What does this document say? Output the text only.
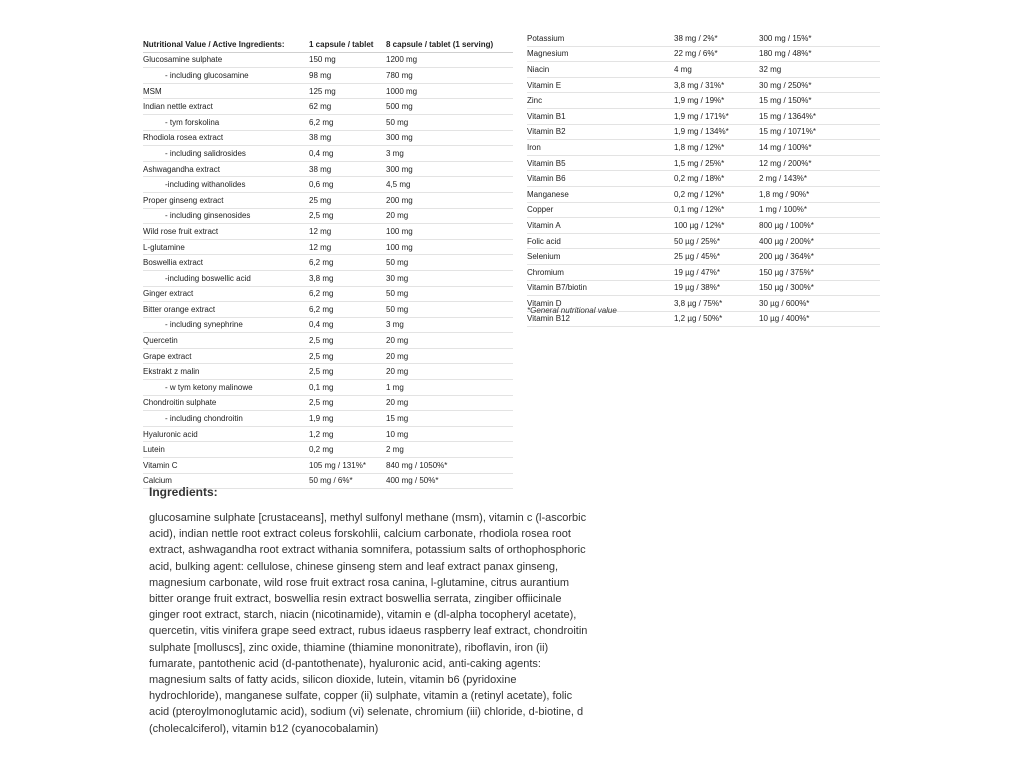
Nutritional Value / Active Ingredients:	1 capsule / tablet	8 capsule / tablet (1 serving)
Glucosamine sulphate	150 mg	1200 mg
- including glucosamine	98 mg	780 mg
MSM	125 mg	1000 mg
Indian nettle extract	62 mg	500 mg
- tym forskolina	6,2 mg	50 mg
Rhodiola rosea extract	38 mg	300 mg
- including salidrosides	0,4 mg	3 mg
Ashwagandha extract	38 mg	300 mg
-including withanolides	0,6 mg	4,5 mg
Proper ginseng extract	25 mg	200 mg
- including ginsenosides	2,5 mg	20 mg
Wild rose fruit extract	12 mg	100 mg
L-glutamine	12 mg	100 mg
Boswellia extract	6,2 mg	50 mg
-including boswellic acid	3,8 mg	30 mg
Ginger extract	6,2 mg	50 mg
Bitter orange extract	6,2 mg	50 mg
- including synephrine	0,4 mg	3 mg
Quercetin	2,5 mg	20 mg
Grape extract	2,5 mg	20 mg
Ekstrakt z malin	2,5 mg	20 mg
- w tym ketony malinowe	0,1 mg	1 mg
Chondroitin sulphate	2,5 mg	20 mg
- including chondroitin	1,9 mg	15 mg
Hyaluronic acid	1,2 mg	10 mg
Lutein	0,2 mg	2 mg
Vitamin C	105 mg / 131%*	840 mg / 1050%*
Calcium	50 mg / 6%*	400 mg / 50%*
Potassium	38 mg / 2%*	300 mg / 15%*
Magnesium	22 mg / 6%*	180 mg / 48%*
Niacin	4 mg	32 mg
Vitamin E	3,8 mg / 31%*	30 mg / 250%*
Zinc	1,9 mg / 19%*	15 mg / 150%*
Vitamin B1	1,9 mg / 171%*	15 mg / 1364%*
Vitamin B2	1,9 mg / 134%*	15 mg / 1071%*
Iron	1,8 mg / 12%*	14 mg / 100%*
Vitamin B5	1,5 mg / 25%*	12 mg / 200%*
Vitamin B6	0,2 mg / 18%*	2 mg / 143%*
Manganese	0,2 mg / 12%*	1,8 mg / 90%*
Copper	0,1 mg / 12%*	1 mg / 100%*
Vitamin A	100 µg / 12%*	800 µg / 100%*
Folic acid	50 µg / 25%*	400 µg / 200%*
Selenium	25 µg / 45%*	200 µg / 364%*
Chromium	19 µg / 47%*	150 µg / 375%*
Vitamin B7/biotin	19 µg / 38%*	150 µg / 300%*
Vitamin D	3,8 µg / 75%*	30 µg / 600%*
Vitamin B12	1,2 µg / 50%*	10 µg / 400%*
*General nutritional value
Ingredients:

glucosamine sulphate [crustaceans], methyl sulfonyl methane (msm), vitamin c (l-ascorbic acid), indian nettle root extract coleus forskohlii, calcium carbonate, rhodiola rosea root extract, ashwagandha root extract withania somnifera, potassium salts of orthophosphoric acid, bulking agent: cellulose, chinese ginseng stem and leaf extract panax ginseng, magnesium carbonate, wild rose fruit extract rosa canina, l-glutamine, citrus aurantium bitter orange fruit extract, boswellia resin extract boswellia serrata, zingiber offiicinale ginger root extract, starch, niacin (nicotinamide), vitamin e (dl-alpha tocopheryl acetate), quercetin, vitis vinifera grape seed extract, rubus idaeus raspberry leaf extract, chondroitin sulphate [molluscs], zinc oxide, thiamine (thiamine mononitrate), riboflavin, iron (ii) fumarate, pantothenic acid (d-pantothenate), hyaluronic acid, anti-caking agents: magnesium salts of fatty acids, silicon dioxide, lutein, vitamin b6 (pyridoxine hydrochloride), manganese sulfate, copper (ii) sulphate, vitamin a (retinyl acetate), folic acid (pteroylmonoglutamic acid), sodium (vi) selenate, chromium (iii) chloride, d-biotine, d (cholecalciferol), vitamin b12 (cyanocobalamin)
